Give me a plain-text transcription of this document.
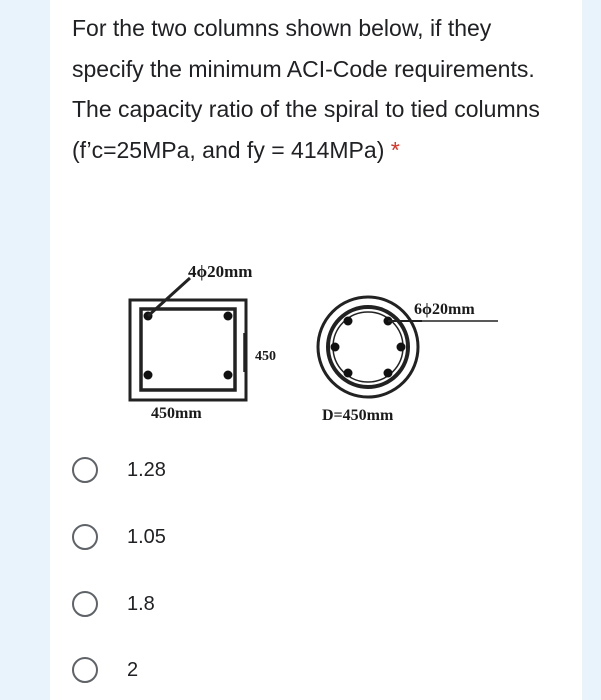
For the two columns shown below, if they specify the minimum ACI-Code requirements. The capacity ratio of the spiral to tied columns (f’c=25MPa, and fy = 414MPa) *
4ϕ20mm
450mm
450
6ϕ20mm
D=450mm
1.28
1.05
1.8
2
